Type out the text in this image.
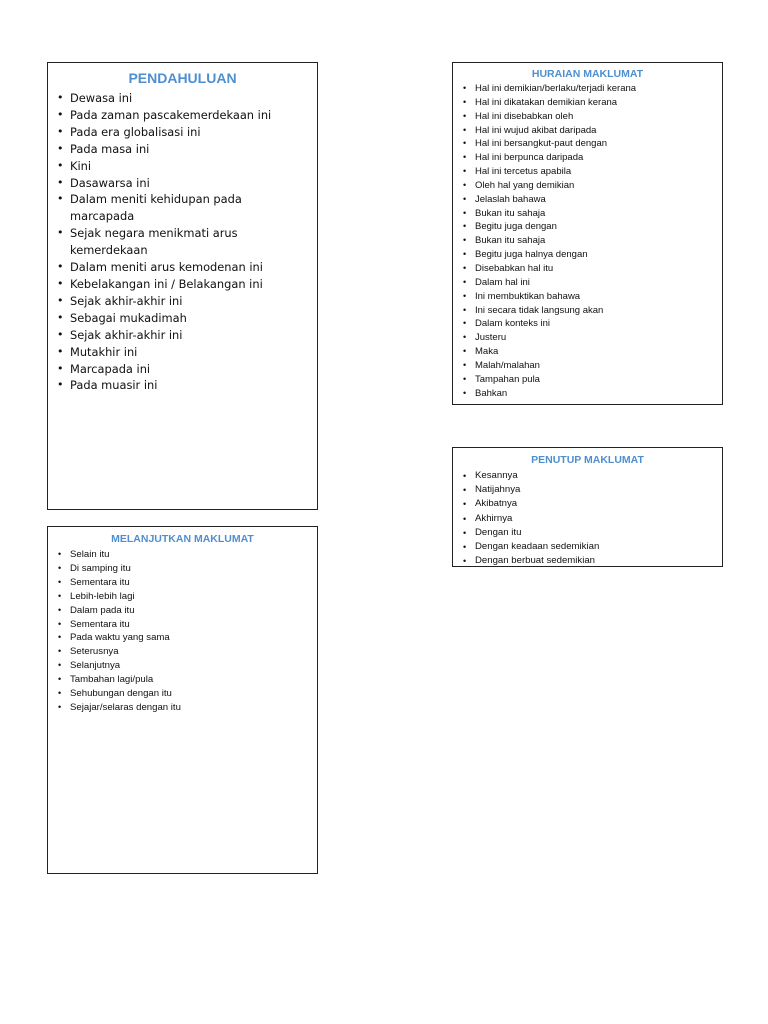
PENDAHULUAN
• Dewasa ini
• Pada zaman pascakemerdekaan ini
• Pada era globalisasi ini
• Pada masa ini
• Kini
• Dasawarsa ini
• Dalam meniti kehidupan pada marcapada
• Sejak negara menikmati arus kemerdekaan
• Dalam meniti arus kemodenan ini
• Kebelakangan ini / Belakangan ini
• Sejak akhir-akhir ini
• Sebagai mukadimah
• Sejak akhir-akhir ini
• Mutakhir ini
• Marcapada ini
• Pada muasir ini
MELANJUTKAN MAKLUMAT
• Selain itu
• Di samping itu
• Sementara itu
• Lebih-lebih lagi
• Dalam pada itu
• Sementara itu
• Pada waktu yang sama
• Seterusnya
• Selanjutnya
• Tambahan lagi/pula
• Sehubungan dengan itu
• Sejajar/selaras dengan itu
HURAIAN MAKLUMAT
• Hal ini demikian/berlaku/terjadi kerana
• Hal ini dikatakan demikian kerana
• Hal ini disebabkan oleh
• Hal ini wujud akibat daripada
• Hal ini bersangkut-paut dengan
• Hal ini berpunca daripada
• Hal ini tercetus apabila
• Oleh hal yang demikian
• Jelaslah bahawa
• Bukan itu sahaja
• Begitu juga dengan
• Bukan itu sahaja
• Begitu juga halnya dengan
• Disebabkan hal itu
• Dalam hal ini
• Ini membuktikan bahawa
• Ini secara tidak langsung akan
• Dalam konteks ini
• Justeru
• Maka
• Malah/malahan
• Tampahan pula
• Bahkan
PENUTUP MAKLUMAT
• Kesannya
• Natijahnya
• Akibatnya
• Akhirnya
• Dengan itu
• Dengan keadaan sedemikian
• Dengan berbuat sedemikian
